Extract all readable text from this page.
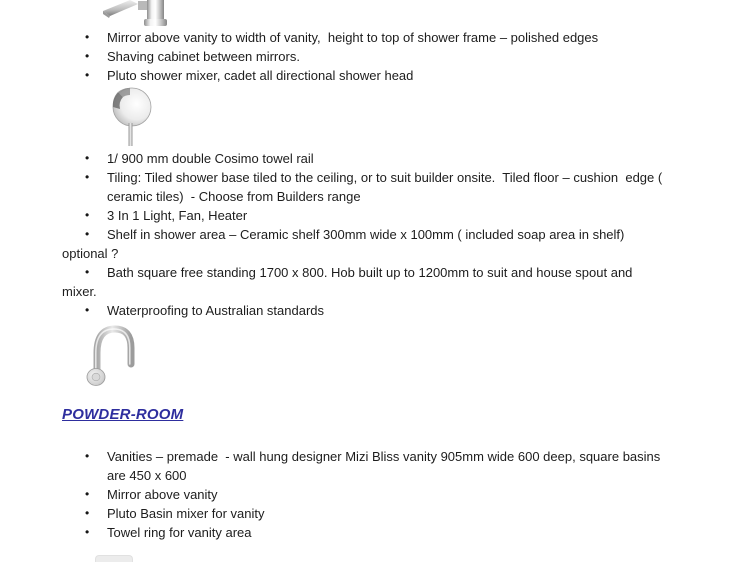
• Mirror above vanity to width of vanity,  height to top of shower frame – polished edges
• Shaving cabinet between mirrors.
• Pluto shower mixer, cadet all directional shower head
• 1/ 900 mm double Cosimo towel rail
• Tiling: Tiled shower base tiled to the ceiling, or to suit builder onsite.  Tiled floor – cushion  edge (
ceramic tiles)  - Choose from Builders range
• 3 In 1 Light, Fan, Heater
• Shelf in shower area – Ceramic shelf 300mm wide x 100mm ( included soap area in shelf)
optional ?
• Bath square free standing 1700 x 800. Hob built up to 1200mm to suit and house spout and
mixer.
• Waterproofing to Australian standards
POWDER-ROOM
• Vanities – premade  - wall hung designer Mizi Bliss vanity 905mm wide 600 deep, square basins
are 450 x 600
• Mirror above vanity
• Pluto Basin mixer for vanity
• Towel ring for vanity area
